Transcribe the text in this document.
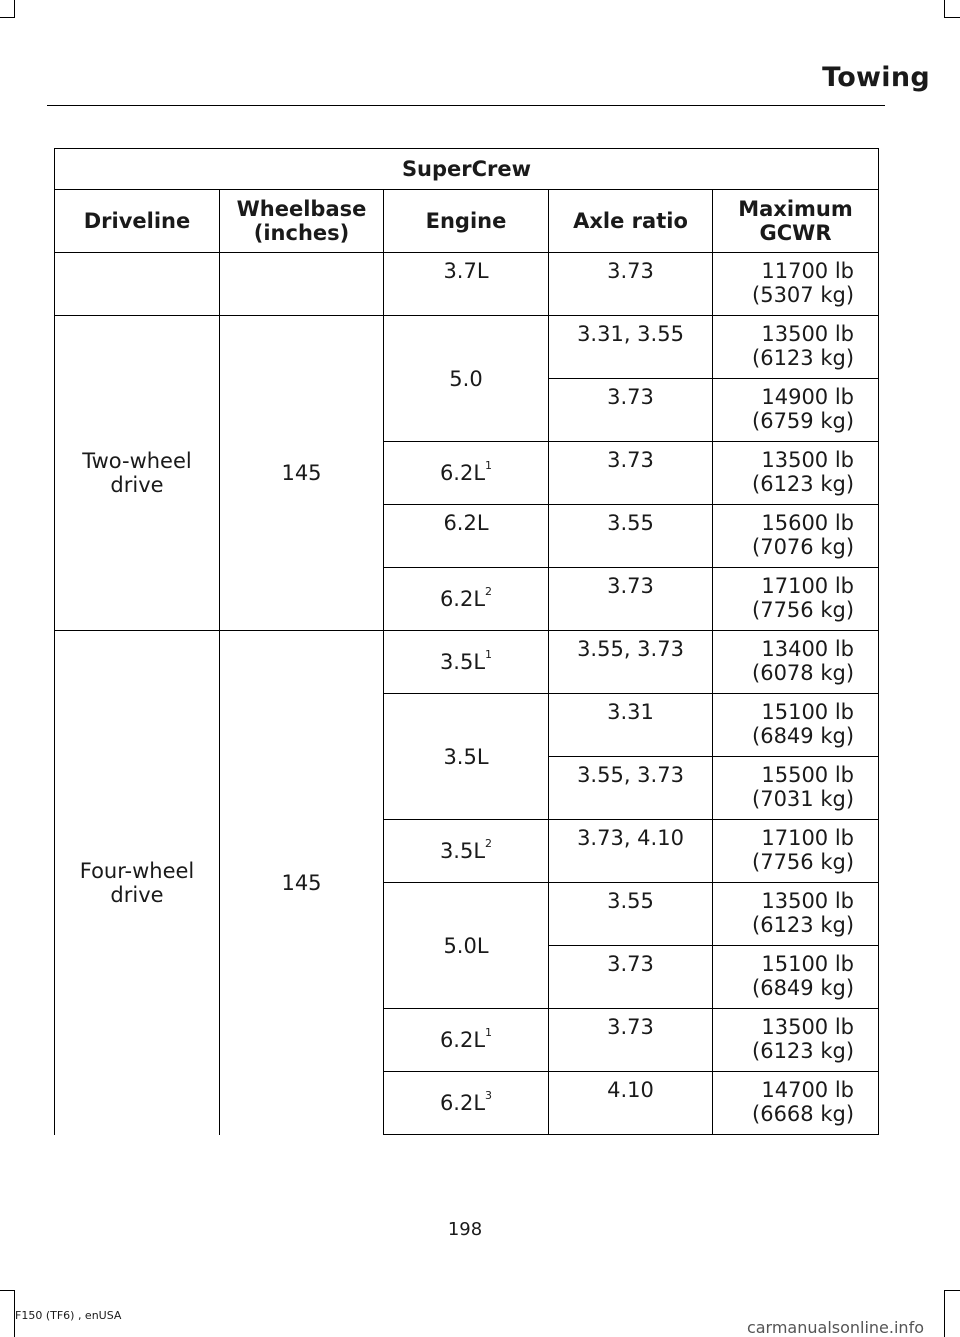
Towing
SuperCrew				
Driveline	Wheelbase (inches)	Engine	Axle ratio	Maximum GCWR
		3.7L	3.73	11700 lb
(5307 kg)

Two-wheel drive	145	5.0	3.31, 3.55	13500 lb
(6123 kg)

			3.73	14900 lb
(6759 kg)

		$6.2L^1$	3.73	13500 lb
(6123 kg)

		6.2L	3.55	15600 lb
(7076 kg)

		$6.2L^2$	3.73	17100 lb
(7756 kg)

Four-wheel drive	145	$3.5L^1$	3.55, 3.73	13400 lb
(6078 kg)

		3.5L	3.31	15100 lb
(6849 kg)

			3.55, 3.73	15500 lb
(7031 kg)

		$3.5L^2$	3.73, 4.10	17100 lb
(7756 kg)

		5.0L	3.55	13500 lb
(6123 kg)

			3.73	15100 lb
(6849 kg)

		$6.2L^1$	3.73	13500 lb
(6123 kg)

		$6.2L^3$	4.10	14700 lb
(6668 kg)
198
F150 (TF6) , enUSA
carmanualsonline.info
